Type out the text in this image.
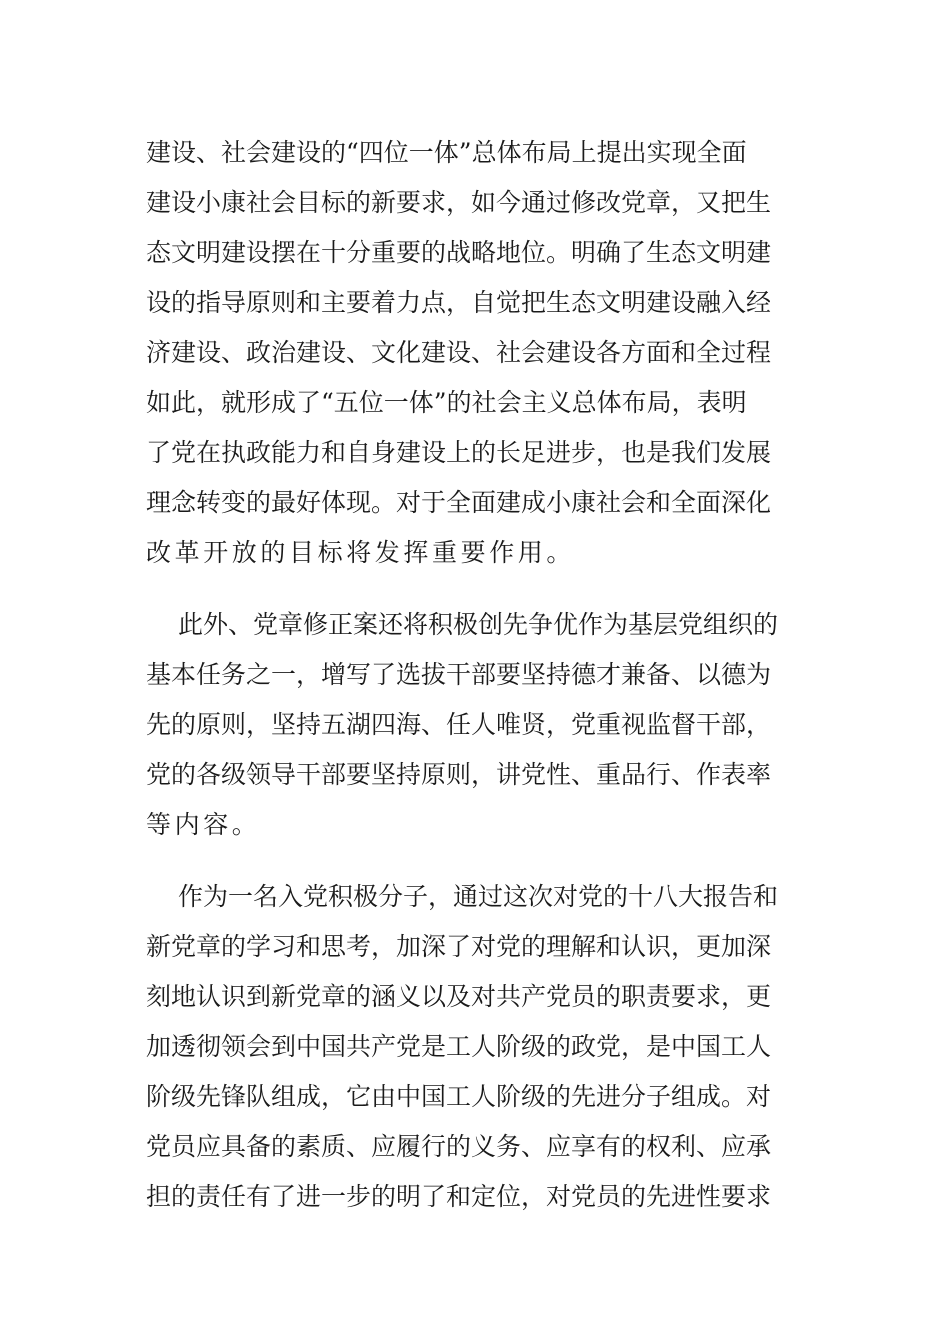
建设、社会建设的“四位一体”总体布局上提出实现全面
建设小康社会目标的新要求，如今通过修改党章，又把生
态文明建设摆在十分重要的战略地位。明确了生态文明建
设的指导原则和主要着力点，自觉把生态文明建设融入经
济建设、政治建设、文化建设、社会建设各方面和全过程
如此，就形成了“五位一体”的社会主义总体布局，表明
了党在执政能力和自身建设上的长足进步，也是我们发展
理念转变的最好体现。对于全面建成小康社会和全面深化
改革开放的目标将发挥重要作用。
此外、党章修正案还将积极创先争优作为基层党组织的
基本任务之一，增写了选拔干部要坚持德才兼备、以德为
先的原则，坚持五湖四海、任人唯贤，党重视监督干部，
党的各级领导干部要坚持原则，讲党性、重品行、作表率
等内容。
作为一名入党积极分子，通过这次对党的十八大报告和
新党章的学习和思考，加深了对党的理解和认识，更加深
刻地认识到新党章的涵义以及对共产党员的职责要求，更
加透彻领会到中国共产党是工人阶级的政党，是中国工人
阶级先锋队组成，它由中国工人阶级的先进分子组成。对
党员应具备的素质、应履行的义务、应享有的权利、应承
担的责任有了进一步的明了和定位，对党员的先进性要求
